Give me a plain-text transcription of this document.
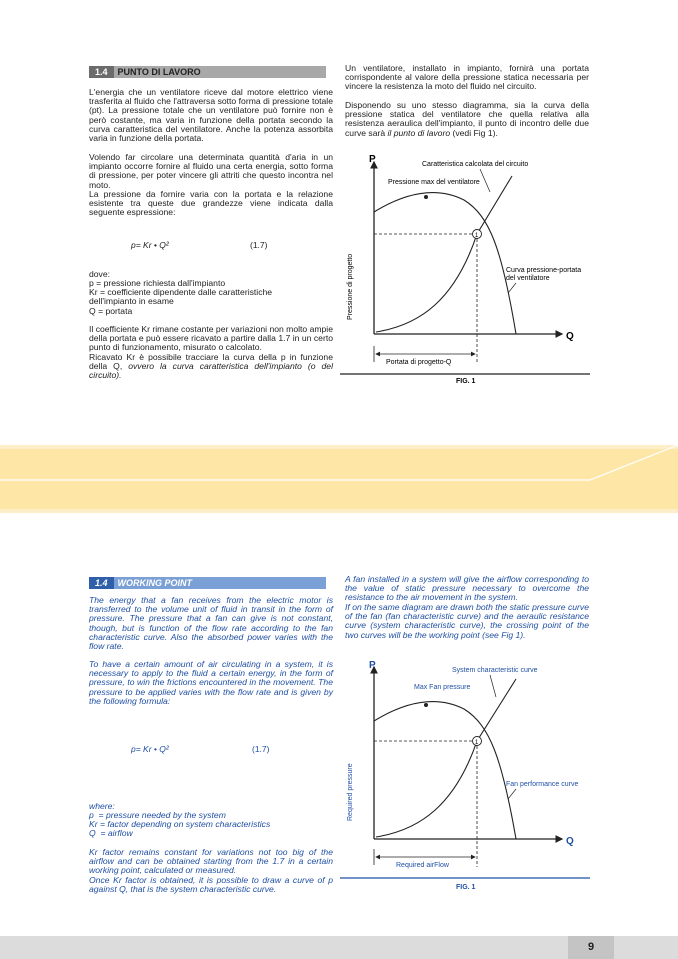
1.4	PUNTO DI LAVORO
L'energia che un ventilatore riceve dal motore elettrico viene trasferita al fluido che l'attraversa sotto forma di pressione totale (pt). La pressione totale che un ventilatore può fornire non è però costante, ma varia in funzione della portata secondo la curva caratteristica del ventilatore. Anche la potenza assorbita varia in funzione della portata.
Volendo far circolare una determinata quantità d'aria in un impianto occorre fornire al fluido una certa energia, sotto forma di pressione, per poter vincere gli attriti che questo incontra nel moto.
La pressione da fornire varia con la portata e la relazione esistente tra queste due grandezze viene indicata dalla seguente espressione:
p= Kr • Q²	(1.7)
dove:
p = pressione richiesta dall'impianto
Kr = coefficiente dipendente dalle caratteristiche dell'impianto in esame
Q = portata
Il coefficiente Kr rimane costante per variazioni non molto ampie della portata e può essere ricavato a partire dalla 1.7 in un certo punto di funzionamento, misurato o calcolato.
Ricavato Kr è possibile tracciare la curva della p in funzione della Q, ovvero la curva caratteristica dell'impianto (o del circuito).
Un ventilatore, installato in impianto, fornirà una portata corrispondente al valore della pressione statica necessaria per vincere la resistenza la moto del fluido nel circuito.
Disponendo su uno stesso diagramma, sia la curva della pressione statica del ventilatore che quella relativa alla resistenza aeraulica dell'impianto, il punto di incontro delle due curve sarà il punto di lavoro (vedi Fig 1).
P
Q
1
Caratteristica calcolata del circuito
Pressione max del ventilatore
Curva pressione-portata
del ventilatore
Pressione di progetto
Portata di progetto-Q
FIG. 1
1.4	WORKING POINT
The energy that a fan receives from the electric motor is transferred to the volume unit of fluid in transit in the form of pressure. The pressure that a fan can give is not constant, though, but is function of the flow rate according to the fan characteristic curve. Also the absorbed power varies with the flow rate.
To have a certain amount of air circulating in a system, it is necessary to apply to the fluid a certain energy, in the form of pressure, to win the frictions encountered in the movement. The pressure to be applied varies with the flow rate and is given by the following formula:
p= Kr • Q²	(1.7)
where:
p  = pressure needed by the system
Kr = factor depending on system characteristics
Q  = airflow
Kr factor remains constant for variations not too big of the airflow and can be obtained starting from the 1.7 in a certain working point, calculated or measured.
Once Kr factor is obtained, it is possible to draw a curve of p against Q, that is the system characteristic curve.
A fan installed in a system will give the airflow corresponding to the value of static pressure necessary to overcome the resistance to the air movement in the system.
If on the same diagram are drawn both the static pressure curve of the fan (fan characteristic curve) and the aeraulic resistance curve (system characteristic curve), the crossing point of the two curves will be the working point (see Fig 1).
P
Q
1
System characteristic curve
Max Fan pressure
Fan performance curve
Required pressure
Required airFlow
FIG. 1
9
